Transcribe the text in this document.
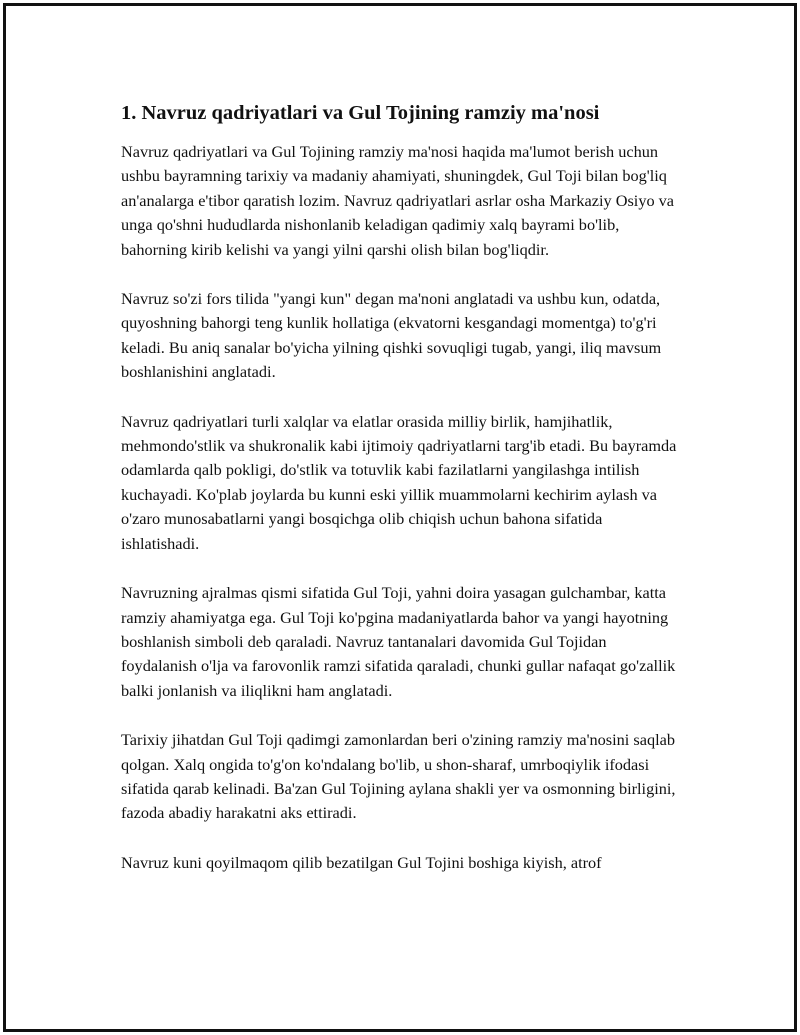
1. Navruz qadriyatlari va Gul Tojining ramziy ma'nosi

Navruz qadriyatlari va Gul Tojining ramziy ma'nosi haqida ma'lumot berish uchun ushbu bayramning tarixiy va madaniy ahamiyati, shuningdek, Gul Toji bilan bog'liq an'analarga e'tibor qaratish lozim. Navruz qadriyatlari asrlar osha Markaziy Osiyo va unga qo'shni hududlarda nishonlanib keladigan qadimiy xalq bayrami bo'lib, bahorning kirib kelishi va yangi yilni qarshi olish bilan bog'liqdir.

Navruz so'zi fors tilida "yangi kun" degan ma'noni anglatadi va ushbu kun, odatda, quyoshning bahorgi teng kunlik hollatiga (ekvatorni kesgandagi momentga) to'g'ri keladi. Bu aniq sanalar bo'yicha yilning qishki sovuqligi tugab, yangi, iliq mavsum boshlanishini anglatadi.

Navruz qadriyatlari turli xalqlar va elatlar orasida milliy birlik, hamjihatlik, mehmondo'stlik va shukronalik kabi ijtimoiy qadriyatlarni targ'ib etadi. Bu bayramda odamlarda qalb pokligi, do'stlik va totuvlik kabi fazilatlarni yangilashga intilish kuchayadi. Ko'plab joylarda bu kunni eski yillik muammolarni kechirim aylash va o'zaro munosabatlarni yangi bosqichga olib chiqish uchun bahona sifatida ishlatishadi.

Navruzning ajralmas qismi sifatida Gul Toji, yahni doira yasagan gulchambar, katta ramziy ahamiyatga ega. Gul Toji ko'pgina madaniyatlarda bahor va yangi hayotning boshlanish simboli deb qaraladi. Navruz tantanalari davomida Gul Tojidan foydalanish o'lja va farovonlik ramzi sifatida qaraladi, chunki gullar nafaqat go'zallik balki jonlanish va iliqlikni ham anglatadi.

Tarixiy jihatdan Gul Toji qadimgi zamonlardan beri o'zining ramziy ma'nosini saqlab qolgan. Xalq ongida to'g'on ko'ndalang bo'lib, u shon-sharaf, umrboqiylik ifodasi sifatida qarab kelinadi. Ba'zan Gul Tojining aylana shakli yer va osmonning birligini, fazoda abadiy harakatni aks ettiradi.

Navruz kuni qoyilmaqom qilib bezatilgan Gul Tojini boshiga kiyish, atrof
